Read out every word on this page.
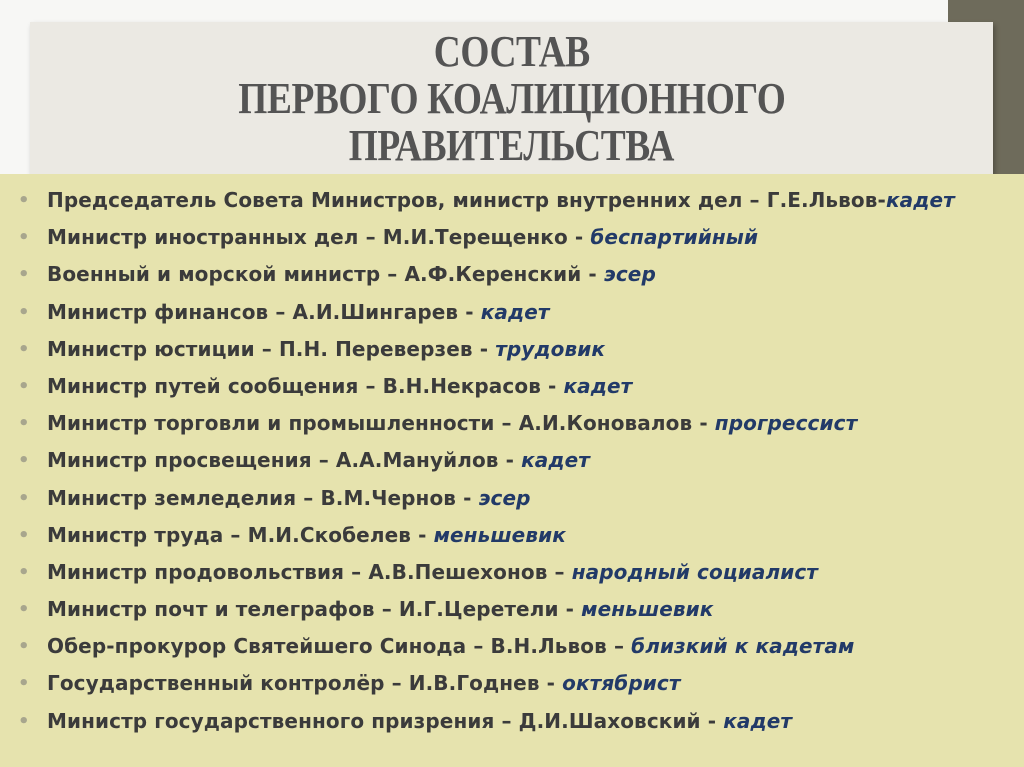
СОСТАВ
ПЕРВОГО КОАЛИЦИОННОГО
ПРАВИТЕЛЬСТВА
• Председатель Совета Министров, министр внутренних дел – Г.Е.Львов-кадет
• Министр иностранных дел – М.И.Терещенко - беспартийный
• Военный и морской министр – А.Ф.Керенский - эсер
• Министр финансов – А.И.Шингарев - кадет
• Министр юстиции – П.Н. Переверзев - трудовик
• Министр путей сообщения – В.Н.Некрасов - кадет
• Министр торговли и промышленности – А.И.Коновалов - прогрессист
• Министр просвещения – А.А.Мануйлов - кадет
• Министр земледелия – В.М.Чернов - эсер
• Министр труда – М.И.Скобелев - меньшевик
• Министр продовольствия – А.В.Пешехонов – народный социалист
• Министр почт и телеграфов – И.Г.Церетели - меньшевик
• Обер-прокурор Святейшего Синода – В.Н.Львов – близкий к кадетам
• Государственный контролёр – И.В.Годнев - октябрист
• Министр государственного призрения – Д.И.Шаховский - кадет
